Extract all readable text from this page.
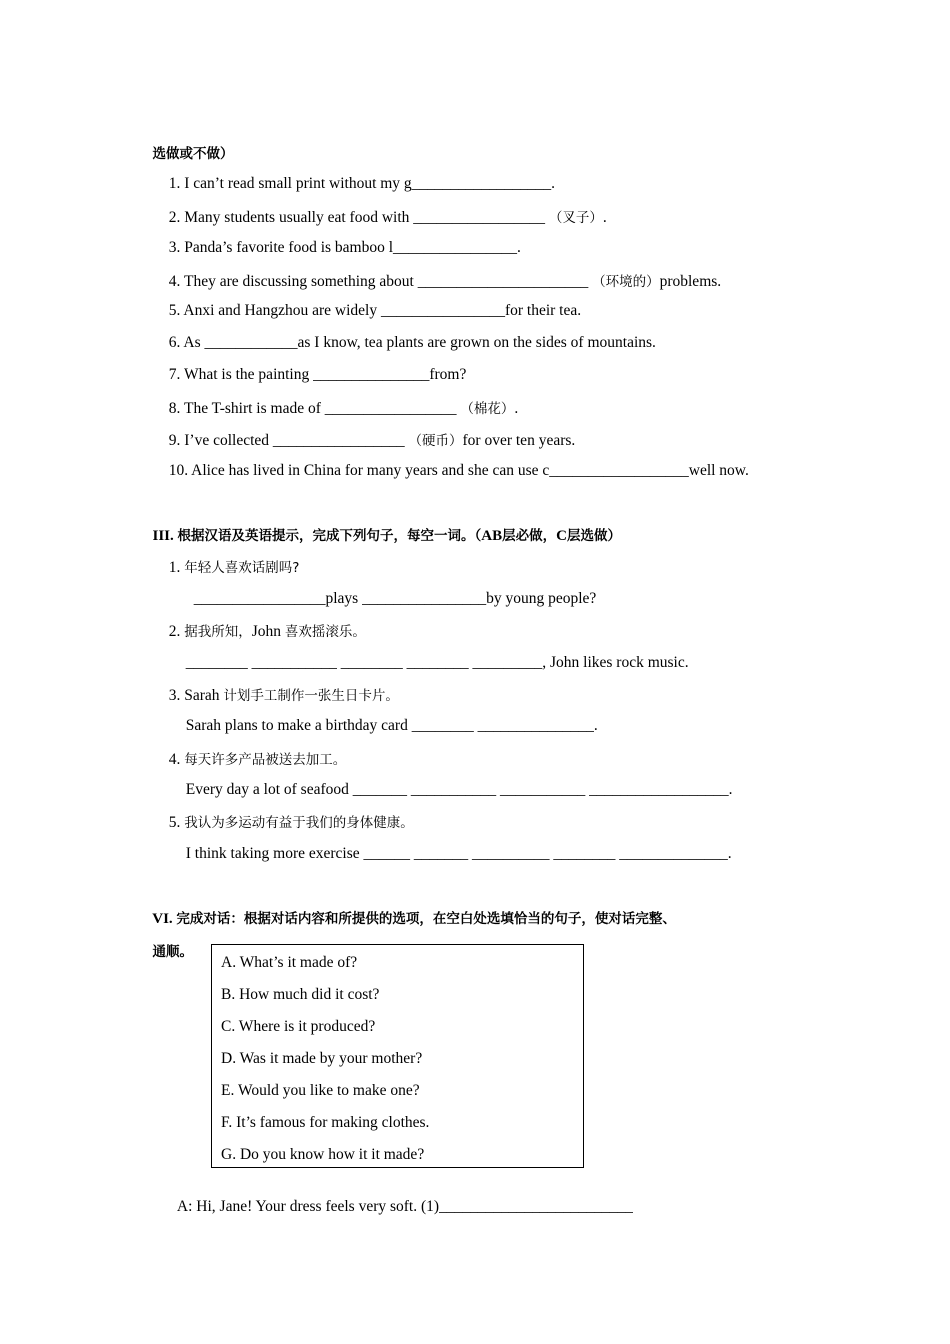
选做或不做）

1. I can’t read small print without my g__________________.

2. Many students usually eat food with _________________ （叉子）.

3. Panda’s favorite food is bamboo l________________.

4. They are discussing something about ______________________ （环境的）problems.

5. Anxi and Hangzhou are widely ________________for their tea.

6. As ____________as I know, tea plants are grown on the sides of mountains.

7. What is the painting _______________from?

8. The T-shirt is made of _________________ （棉花）.

9. I’ve collected _________________ （硬币）for over ten years.

10. Alice has lived in China for many years and she can use c__________________well now.

III. 根据汉语及英语提示，完成下列句子，每空一词。（AB层必做，C层选做）

1. 年轻人喜欢话剧吗?

_________________plays ________________by young people?

2. 据我所知，John 喜欢摇滚乐。

________ ___________ ________ ________ _________, John likes rock music.

3. Sarah 计划手工制作一张生日卡片。

Sarah plans to make a birthday card ________ _______________.

4. 每天许多产品被送去加工。

Every day a lot of seafood _______ ___________ ___________ __________________.

5. 我认为多运动有益于我们的身体健康。

I think taking more exercise ______ _______ __________ ________ ______________.

VI. 完成对话：根据对话内容和所提供的选项，在空白处选填恰当的句子，使对话完整、

通顺。

A. What’s it made of?
B. How much did it cost?
C. Where is it produced?
D. Was it made by your mother?
E. Would you like to make one?
F. It’s famous for making clothes.
G. Do you know how it it made?

A: Hi, Jane! Your dress feels very soft. (1)_________________________
